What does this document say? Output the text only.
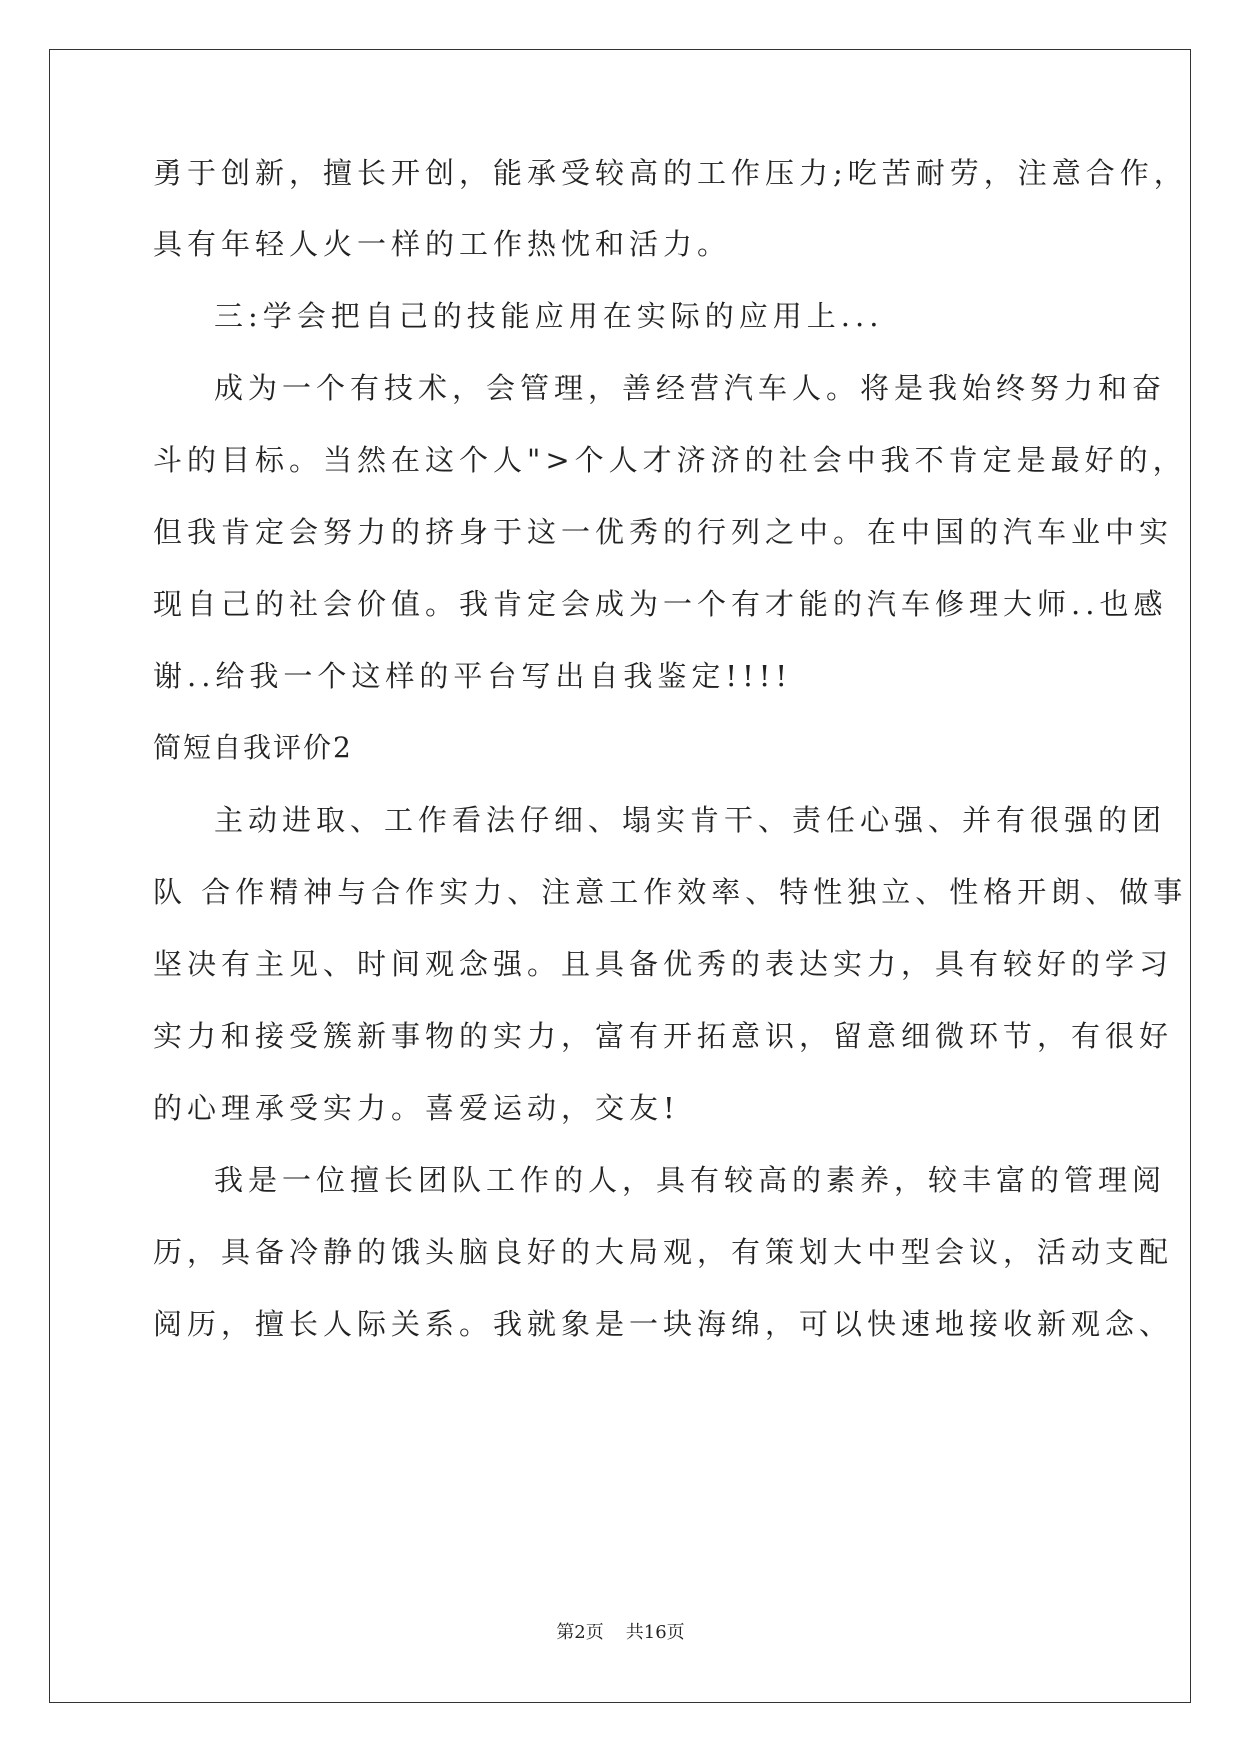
勇于创新，擅长开创，能承受较高的工作压力;吃苦耐劳，注意合作，
具有年轻人火一样的工作热忱和活力。
三:学会把自己的技能应用在实际的应用上...
成为一个有技术，会管理，善经营汽车人。将是我始终努力和奋
斗的目标。当然在这个人">个人才济济的社会中我不肯定是最好的，
但我肯定会努力的挤身于这一优秀的行列之中。在中国的汽车业中实
现自己的社会价值。我肯定会成为一个有才能的汽车修理大师..也感
谢..给我一个这样的平台写出自我鉴定!!!!
简短自我评价2
主动进取、工作看法仔细、塌实肯干、责任心强、并有很强的团
队 合作精神与合作实力、注意工作效率、特性独立、性格开朗、做事
坚决有主见、时间观念强。且具备优秀的表达实力，具有较好的学习
实力和接受簇新事物的实力，富有开拓意识，留意细微环节，有很好
的心理承受实力。喜爱运动，交友!
我是一位擅长团队工作的人，具有较高的素养，较丰富的管理阅
历，具备冷静的饿头脑良好的大局观，有策划大中型会议，活动支配
阅历，擅长人际关系。我就象是一块海绵，可以快速地接收新观念、
第2页 共16页
